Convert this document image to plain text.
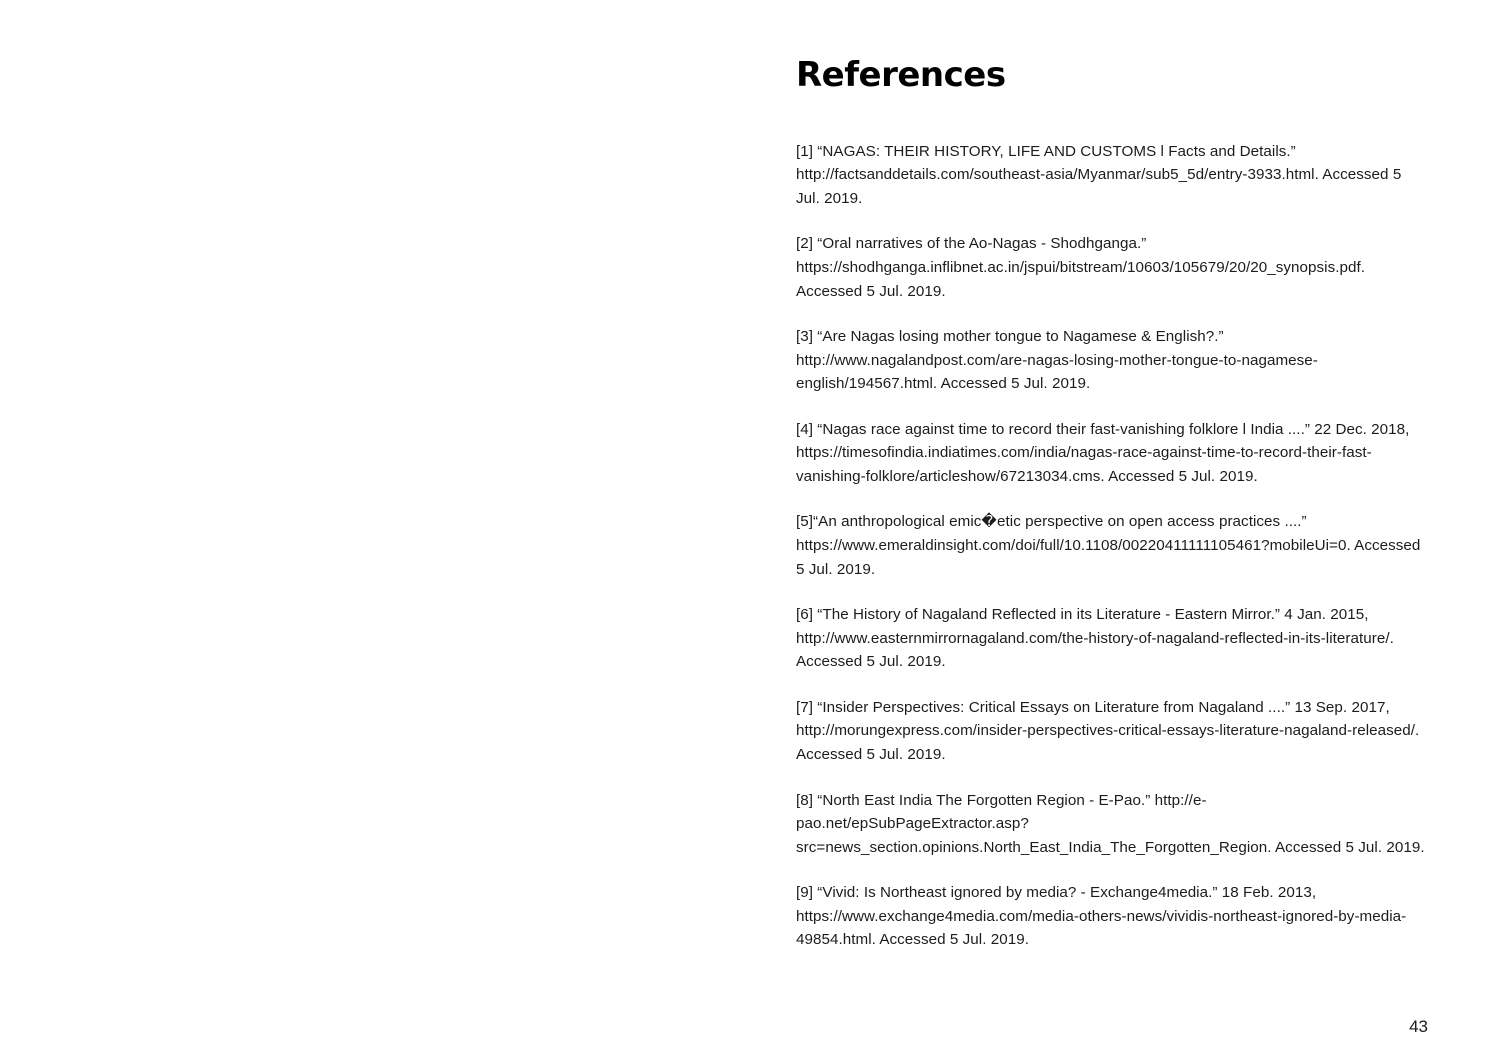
References
[1] “NAGAS: THEIR HISTORY, LIFE AND CUSTOMS l Facts and Details.” http://factsanddetails.com/southeast-asia/Myanmar/sub5_5d/entry-3933.html. Accessed 5 Jul. 2019.
[2] “Oral narratives of the Ao-Nagas - Shodhganga.” https://shodhganga.inflibnet.ac.in/jspui/bitstream/10603/105679/20/20_synopsis.pdf. Accessed 5 Jul. 2019.
[3] “Are Nagas losing mother tongue to Nagamese & English?.” http://www.nagalandpost.com/are-nagas-losing-mother-tongue-to-nagamese-english/194567.html. Accessed 5 Jul. 2019.
[4] “Nagas race against time to record their fast-vanishing folklore l India ....” 22 Dec. 2018, https://timesofindia.indiatimes.com/india/nagas-race-against-time-to-record-their-fast-vanishing-folklore/articleshow/67213034.cms. Accessed 5 Jul. 2019.
[5]“An anthropological emic�etic perspective on open access practices ....” https://www.emeraldinsight.com/doi/full/10.1108/00220411111105461?mobileUi=0. Accessed 5 Jul. 2019.
[6] “The History of Nagaland Reflected in its Literature - Eastern Mirror.” 4 Jan. 2015, http://www.easternmirrornagaland.com/the-history-of-nagaland-reflected-in-its-literature/. Accessed 5 Jul. 2019.
[7] “Insider Perspectives: Critical Essays on Literature from Nagaland ....” 13 Sep. 2017, http://morungexpress.com/insider-perspectives-critical-essays-literature-nagaland-released/. Accessed 5 Jul. 2019.
[8] “North East India The Forgotten Region - E-Pao.” http://e-pao.net/epSubPageExtractor.asp?src=news_section.opinions.North_East_India_The_Forgotten_Region. Accessed 5 Jul. 2019.
[9] “Vivid: Is Northeast ignored by media? - Exchange4media.” 18 Feb. 2013, https://www.exchange4media.com/media-others-news/vividis-northeast-ignored-by-media-49854.html. Accessed 5 Jul. 2019.
43
